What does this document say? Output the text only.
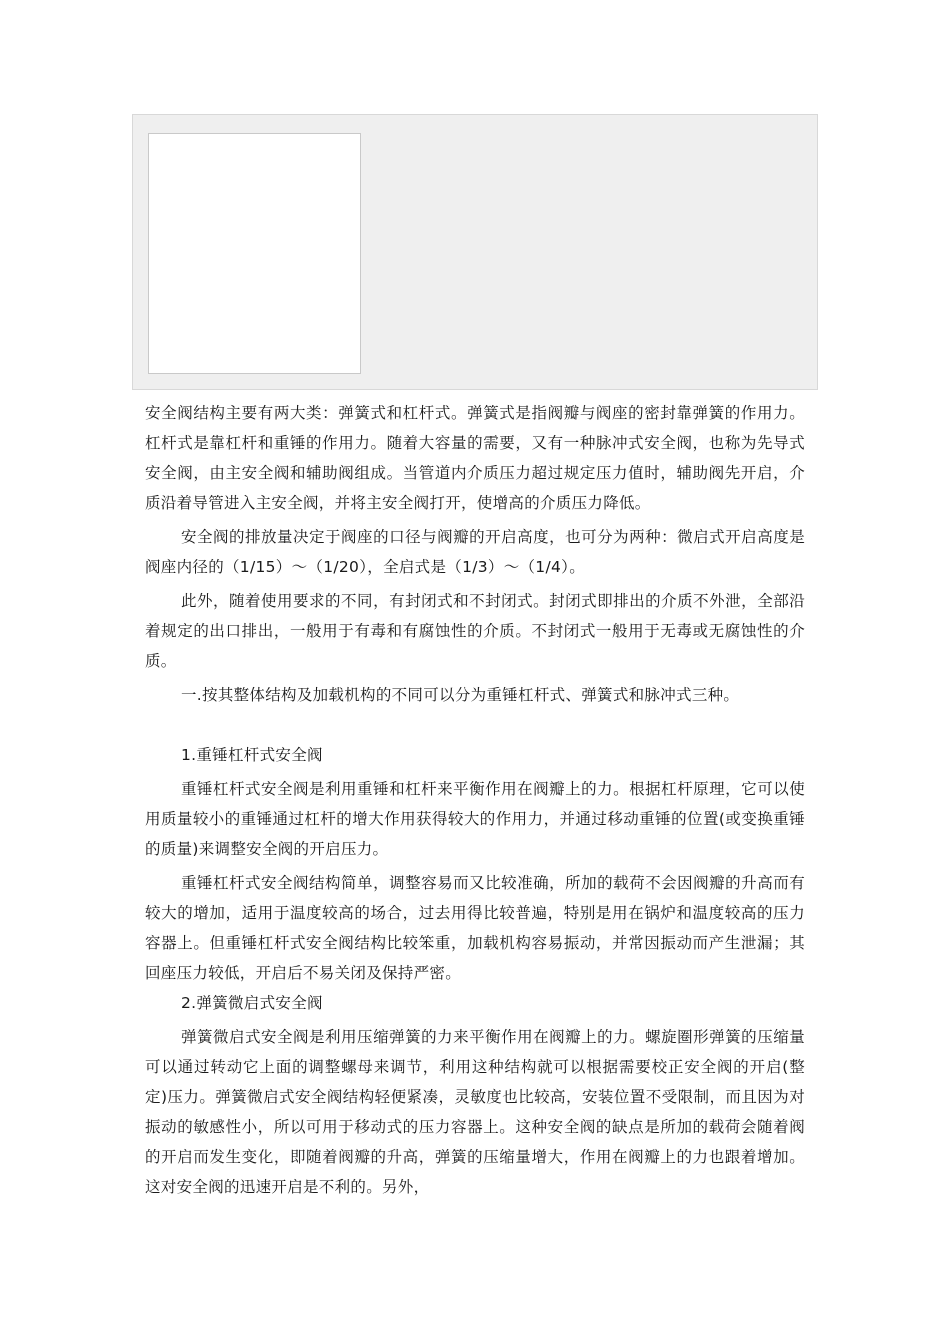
安全阀结构主要有两大类：弹簧式和杠杆式。弹簧式是指阀瓣与阀座的密封靠弹簧的作用力。杠杆式是靠杠杆和重锤的作用力。随着大容量的需要，又有一种脉冲式安全阀，也称为先导式安全阀，由主安全阀和辅助阀组成。当管道内介质压力超过规定压力值时，辅助阀先开启，介质沿着导管进入主安全阀，并将主安全阀打开，使增高的介质压力降低。

安全阀的排放量决定于阀座的口径与阀瓣的开启高度，也可分为两种：微启式开启高度是阀座内径的（1/15）～（1/20），全启式是（1/3）～（1/4）。

此外，随着使用要求的不同，有封闭式和不封闭式。封闭式即排出的介质不外泄，全部沿着规定的出口排出，一般用于有毒和有腐蚀性的介质。不封闭式一般用于无毒或无腐蚀性的介质。

一.按其整体结构及加载机构的不同可以分为重锤杠杆式、弹簧式和脉冲式三种。

1.重锤杠杆式安全阀

重锤杠杆式安全阀是利用重锤和杠杆来平衡作用在阀瓣上的力。根据杠杆原理，它可以使用质量较小的重锤通过杠杆的增大作用获得较大的作用力，并通过移动重锤的位置(或变换重锤的质量)来调整安全阀的开启压力。

重锤杠杆式安全阀结构简单，调整容易而又比较准确，所加的载荷不会因阀瓣的升高而有较大的增加，适用于温度较高的场合，过去用得比较普遍，特别是用在锅炉和温度较高的压力容器上。但重锤杠杆式安全阀结构比较笨重，加载机构容易振动，并常因振动而产生泄漏；其回座压力较低，开启后不易关闭及保持严密。

2.弹簧微启式安全阀

弹簧微启式安全阀是利用压缩弹簧的力来平衡作用在阀瓣上的力。螺旋圈形弹簧的压缩量可以通过转动它上面的调整螺母来调节，利用这种结构就可以根据需要校正安全阀的开启(整定)压力。弹簧微启式安全阀结构轻便紧凑，灵敏度也比较高，安装位置不受限制，而且因为对振动的敏感性小，所以可用于移动式的压力容器上。这种安全阀的缺点是所加的载荷会随着阀的开启而发生变化，即随着阀瓣的升高，弹簧的压缩量增大，作用在阀瓣上的力也跟着增加。这对安全阀的迅速开启是不利的。另外，
